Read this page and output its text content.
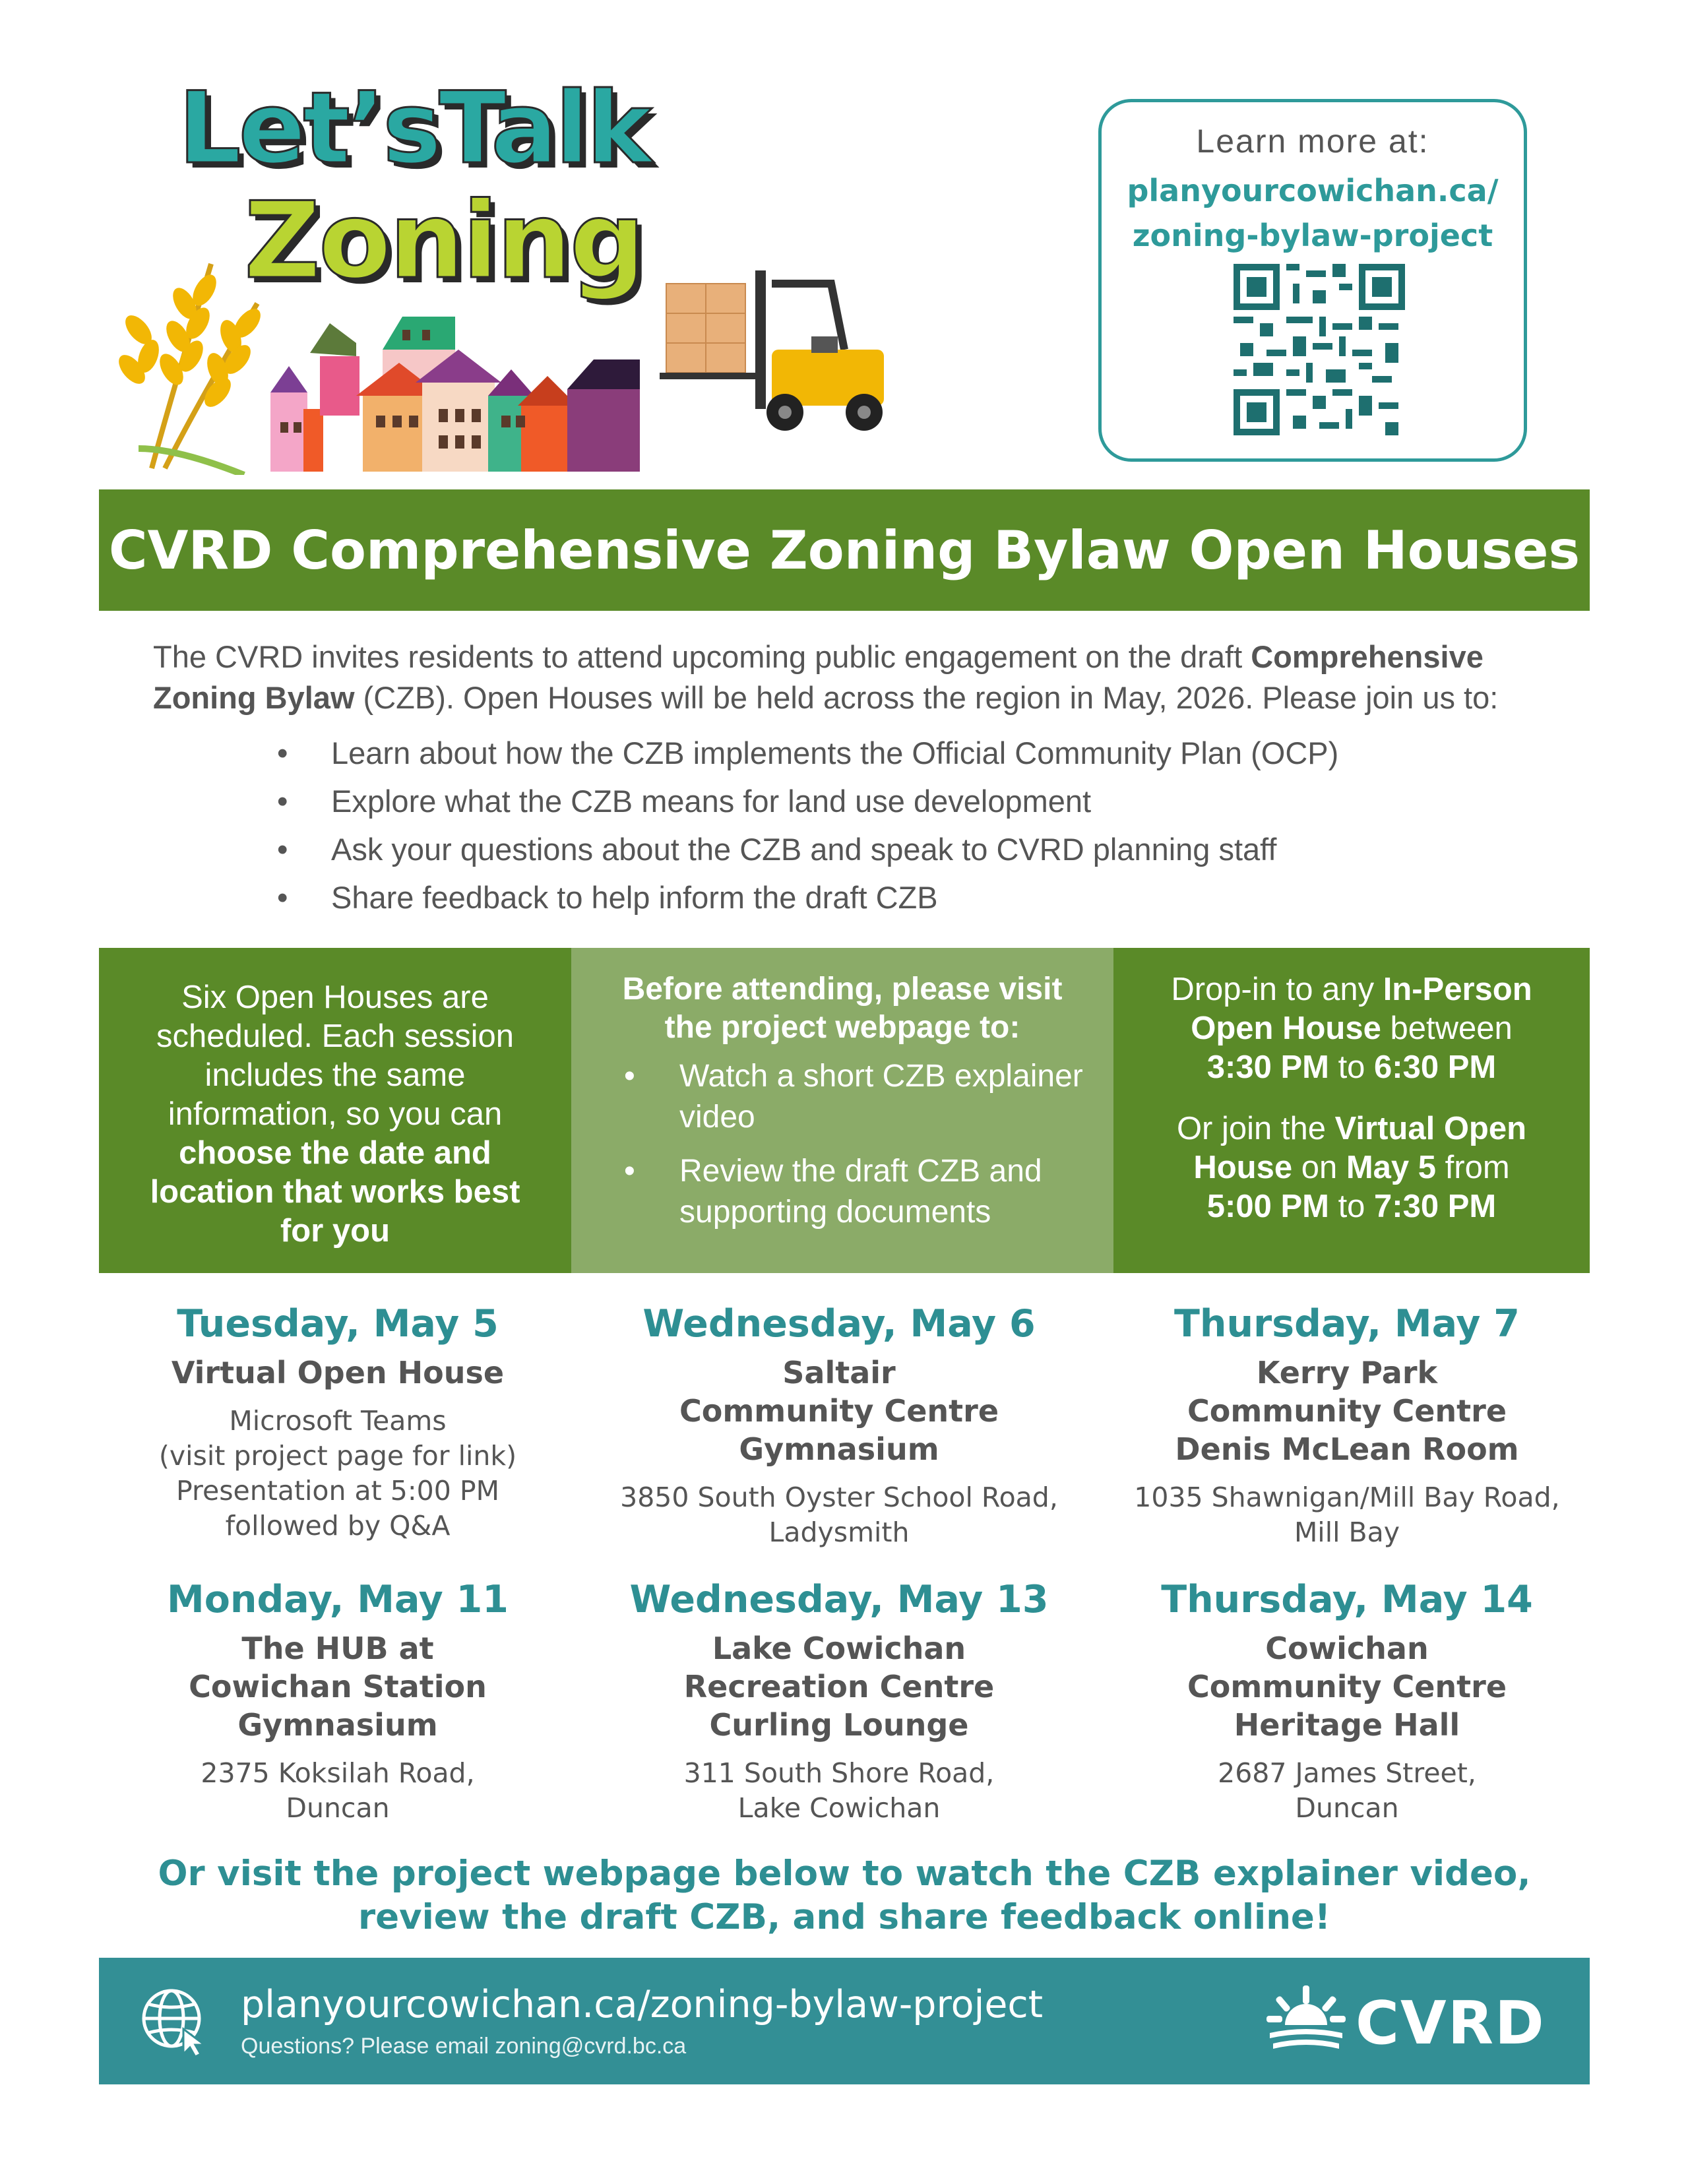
Let’sTalk
Zoning
Learn more at:
planyourcowichan.ca/
zoning-bylaw-project
CVRD Comprehensive Zoning Bylaw Open Houses

The CVRD invites residents to attend upcoming public engagement on the draft Comprehensive Zoning Bylaw (CZB). Open Houses will be held across the region in May, 2026. Please join us to:

• Learn about how the CZB implements the Official Community Plan (OCP)
• Explore what the CZB means for land use development
• Ask your questions about the CZB and speak to CVRD planning staff
• Share feedback to help inform the draft CZB
Six Open Houses are scheduled. Each session includes the same information, so you can choose the date and location that works best for you
Before attending, please visit the project webpage to:
• Watch a short CZB explainer video
• Review the draft CZB and supporting documents

Drop-in to any In-Person Open House between
3:30 PM to 6:30 PM

Or join the Virtual Open House on May 5 from
5:00 PM to 7:30 PM

Tuesday, May 5
Virtual Open House
Microsoft Teams
(visit project page for link)
Presentation at 5:00 PM
followed by Q&A
Wednesday, May 6
Saltair
Community Centre
Gymnasium
3850 South Oyster School Road,
Ladysmith
Thursday, May 7
Kerry Park
Community Centre
Denis McLean Room
1035 Shawnigan/Mill Bay Road,
Mill Bay
Monday, May 11
The HUB at
Cowichan Station
Gymnasium
2375 Koksilah Road,
Duncan
Wednesday, May 13
Lake Cowichan
Recreation Centre
Curling Lounge
311 South Shore Road,
Lake Cowichan
Thursday, May 14
Cowichan
Community Centre
Heritage Hall
2687 James Street,
Duncan
Or visit the project webpage below to watch the CZB explainer video,
review the draft CZB, and share feedback online!
planyourcowichan.ca/zoning-bylaw-project
Questions? Please email zoning@cvrd.bc.ca	CVRD
